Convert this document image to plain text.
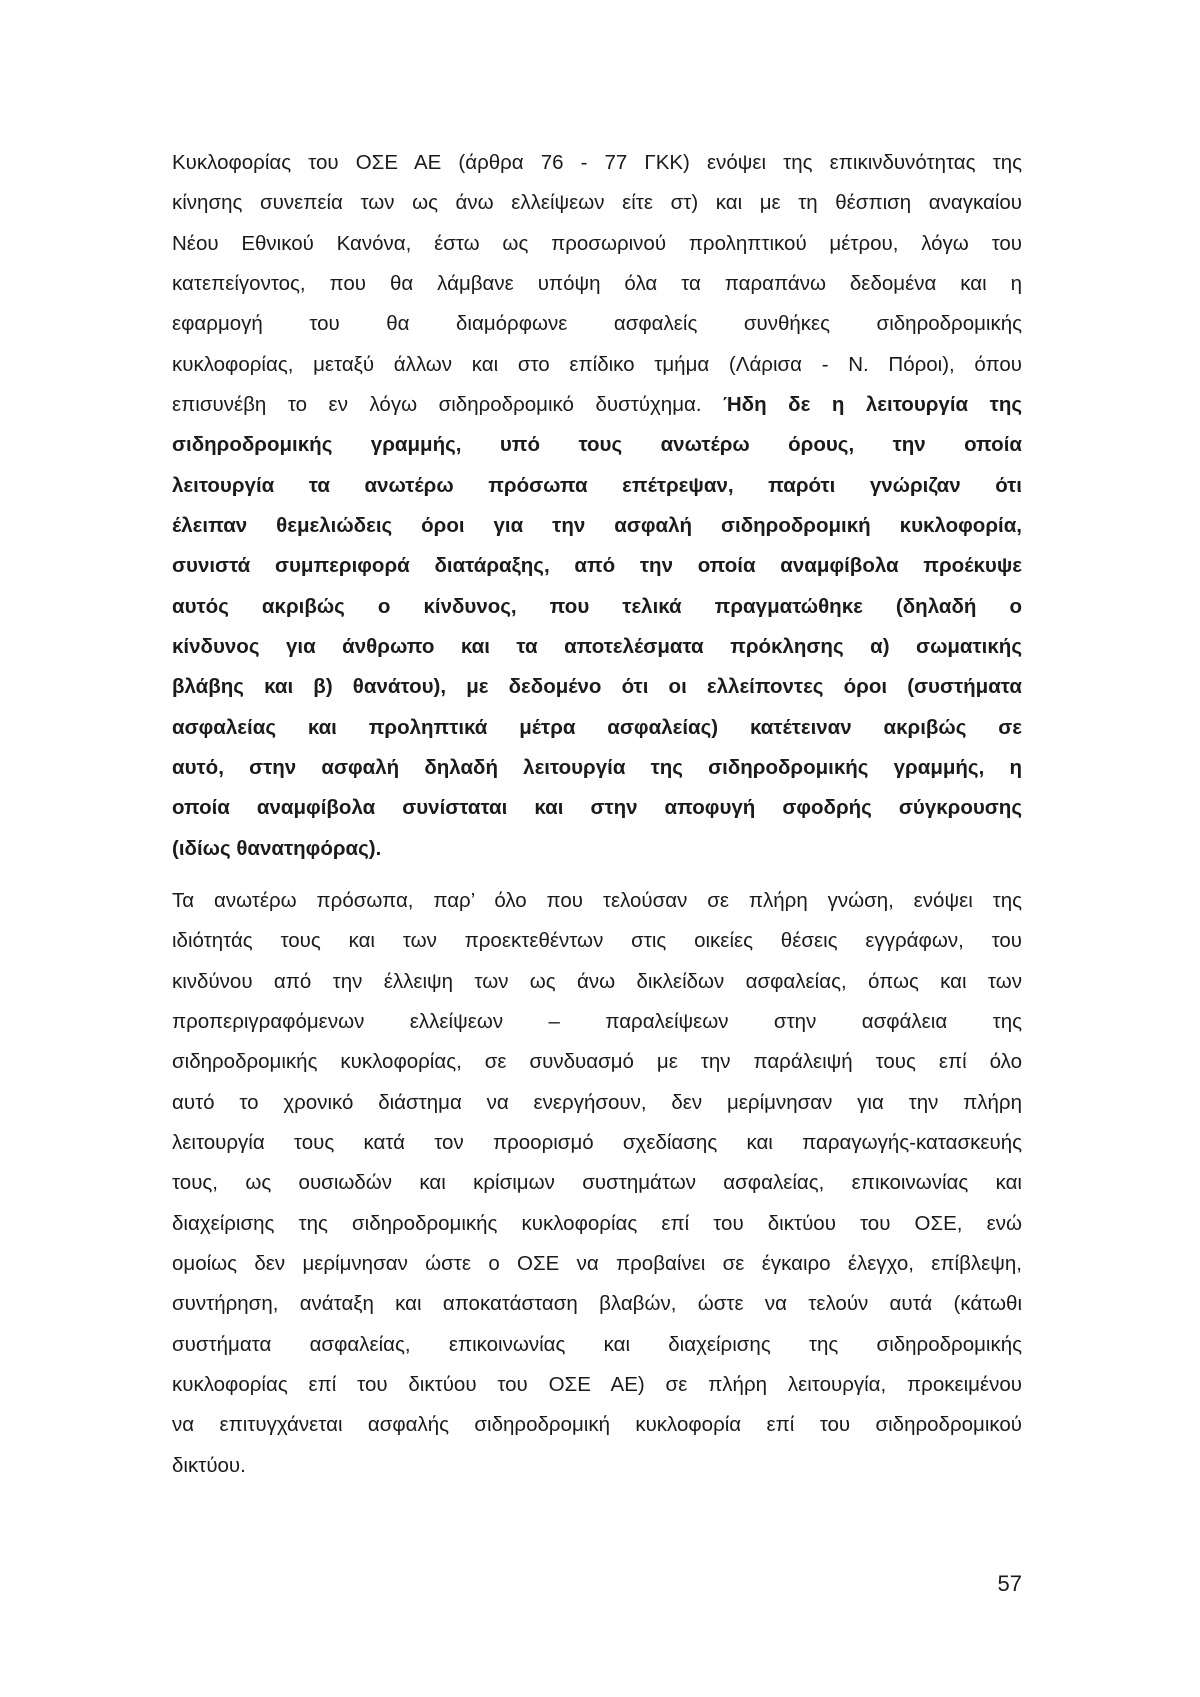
Κυκλοφορίας του ΟΣΕ ΑΕ (άρθρα 76 - 77 ΓΚΚ) ενόψει της επικινδυνότητας της
κίνησης συνεπεία των ως άνω ελλείψεων είτε στ) και με τη θέσπιση αναγκαίου
Νέου Εθνικού Κανόνα, έστω ως προσωρινού προληπτικού μέτρου, λόγω του
κατεπείγοντος, που θα λάμβανε υπόψη όλα τα παραπάνω δεδομένα και η
εφαρμογή του θα διαμόρφωνε ασφαλείς συνθήκες σιδηροδρομικής
κυκλοφορίας, μεταξύ άλλων και στο επίδικο τμήμα (Λάρισα - Ν. Πόροι), όπου
επισυνέβη το εν λόγω σιδηροδρομικό δυστύχημα. Ήδη δε η λειτουργία της
σιδηροδρομικής γραμμής, υπό τους ανωτέρω όρους, την οποία
λειτουργία τα ανωτέρω πρόσωπα επέτρεψαν, παρότι γνώριζαν ότι
έλειπαν θεμελιώδεις όροι για την ασφαλή σιδηροδρομική κυκλοφορία,
συνιστά συμπεριφορά διατάραξης, από την οποία αναμφίβολα προέκυψε
αυτός ακριβώς ο κίνδυνος, που τελικά πραγματώθηκε (δηλαδή ο
κίνδυνος για άνθρωπο και τα αποτελέσματα πρόκλησης α) σωματικής
βλάβης και β) θανάτου), με δεδομένο ότι οι ελλείποντες όροι (συστήματα
ασφαλείας και προληπτικά μέτρα ασφαλείας) κατέτειναν ακριβώς σε
αυτό, στην ασφαλή δηλαδή λειτουργία της σιδηροδρομικής γραμμής, η
οποία αναμφίβολα συνίσταται και στην αποφυγή σφοδρής σύγκρουσης
(ιδίως θανατηφόρας).
Τα ανωτέρω πρόσωπα, παρ’ όλο που τελούσαν σε πλήρη γνώση, ενόψει της
ιδιότητάς τους και των προεκτεθέντων στις οικείες θέσεις εγγράφων, του
κινδύνου από την έλλειψη των ως άνω δικλείδων ασφαλείας, όπως και των
προπεριγραφόμενων ελλείψεων – παραλείψεων στην ασφάλεια της
σιδηροδρομικής κυκλοφορίας, σε συνδυασμό με την παράλειψή τους επί όλο
αυτό το χρονικό διάστημα να ενεργήσουν, δεν μερίμνησαν για την πλήρη
λειτουργία τους κατά τον προορισμό σχεδίασης και παραγωγής-κατασκευής
τους, ως ουσιωδών και κρίσιμων συστημάτων ασφαλείας, επικοινωνίας και
διαχείρισης της σιδηροδρομικής κυκλοφορίας επί του δικτύου του ΟΣΕ, ενώ
ομοίως δεν μερίμνησαν ώστε ο ΟΣΕ να προβαίνει σε έγκαιρο έλεγχο, επίβλεψη,
συντήρηση, ανάταξη και αποκατάσταση βλαβών, ώστε να τελούν αυτά (κάτωθι
συστήματα ασφαλείας, επικοινωνίας και διαχείρισης της σιδηροδρομικής
κυκλοφορίας επί του δικτύου του ΟΣΕ ΑΕ) σε πλήρη λειτουργία, προκειμένου
να επιτυγχάνεται ασφαλής σιδηροδρομική κυκλοφορία επί του σιδηροδρομικού
δικτύου.
57
